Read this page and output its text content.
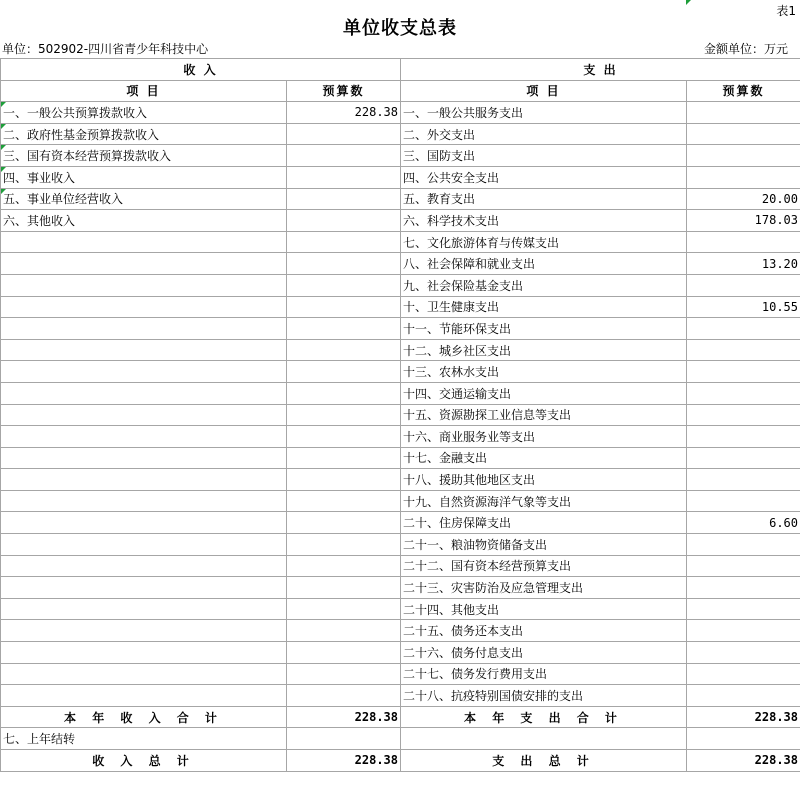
表1
单位收支总表
单位：502902-四川省青少年科技中心	金额单位：万元
收 入		支 出	
项 目	预算数	项 目	预算数
一、一般公共预算拨款收入	228.38	一、一般公共服务支出	
二、政府性基金预算拨款收入		二、外交支出	
三、国有资本经营预算拨款收入		三、国防支出	
四、事业收入		四、公共安全支出	
五、事业单位经营收入		五、教育支出	20.00
六、其他收入		六、科学技术支出	178.03
		七、文化旅游体育与传媒支出	
		八、社会保障和就业支出	13.20
		九、社会保险基金支出	
		十、卫生健康支出	10.55
		十一、节能环保支出	
		十二、城乡社区支出	
		十三、农林水支出	
		十四、交通运输支出	
		十五、资源勘探工业信息等支出	
		十六、商业服务业等支出	
		十七、金融支出	
		十八、援助其他地区支出	
		十九、自然资源海洋气象等支出	
		二十、住房保障支出	6.60
		二十一、粮油物资储备支出	
		二十二、国有资本经营预算支出	
		二十三、灾害防治及应急管理支出	
		二十四、其他支出	
		二十五、债务还本支出	
		二十六、债务付息支出	
		二十七、债务发行费用支出	
		二十八、抗疫特别国债安排的支出	
本 年 收 入 合 计	228.38	本 年 支 出 合 计	228.38
七、上年结转			
收 入 总 计	228.38	支 出 总 计	228.38
